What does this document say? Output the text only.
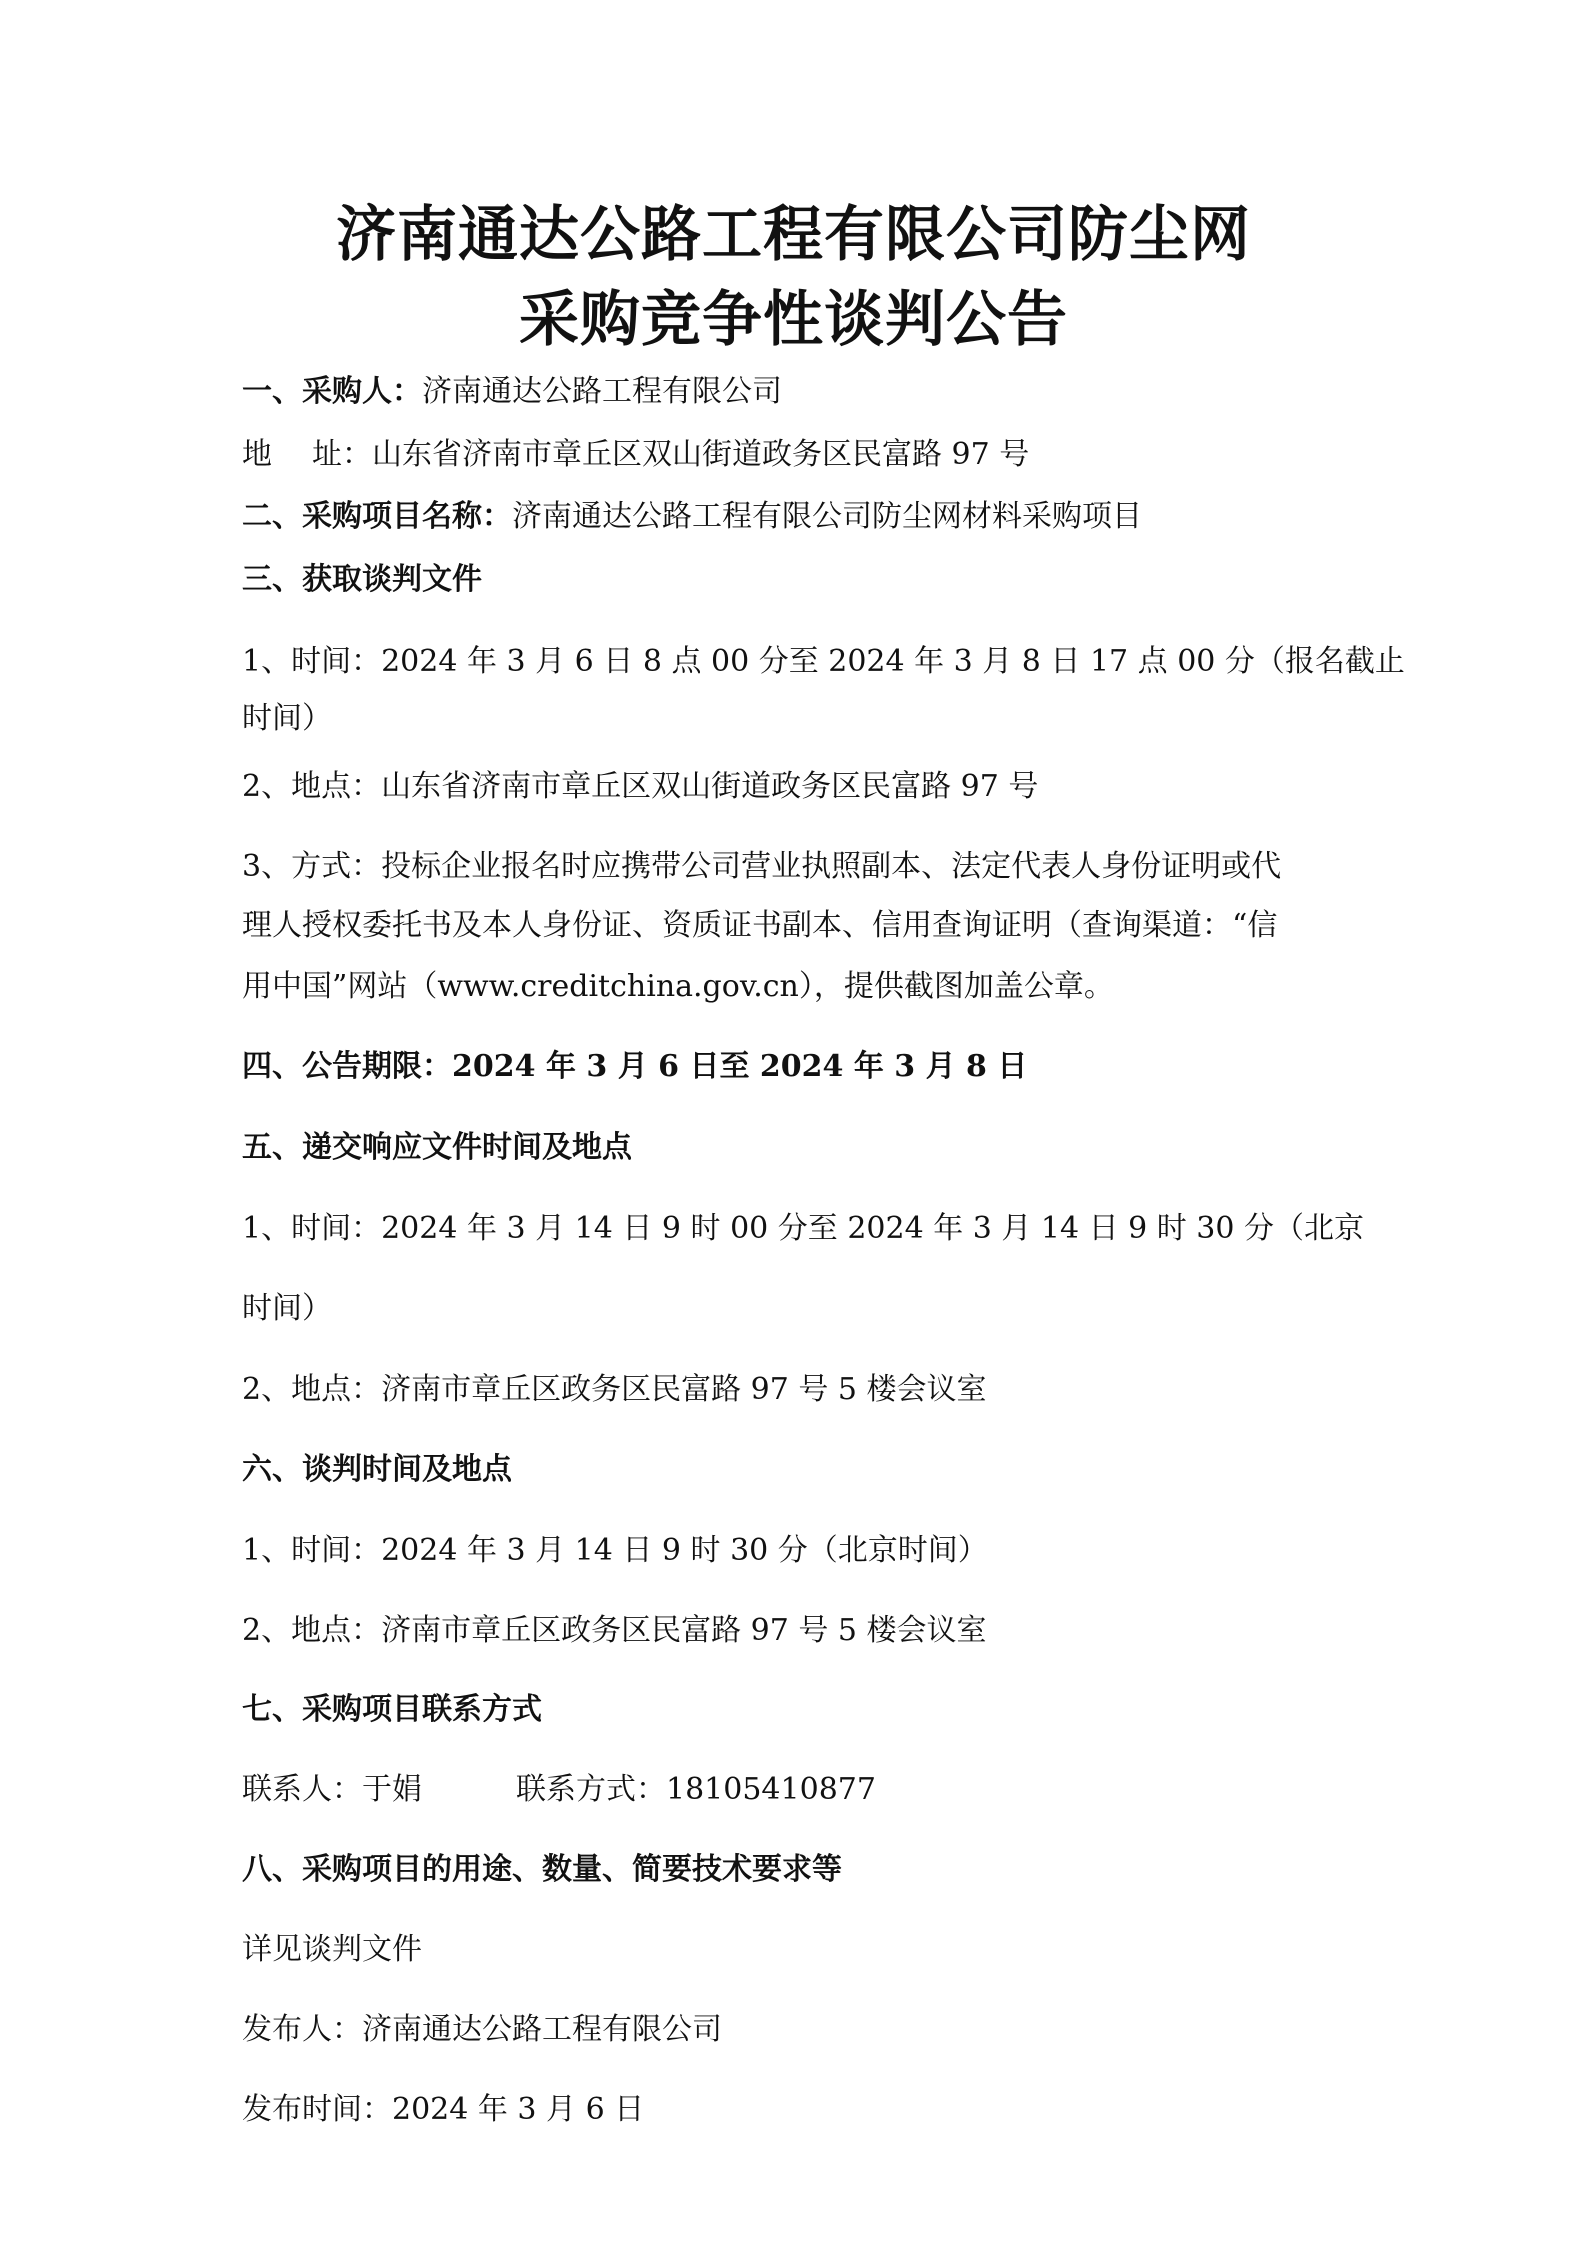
济南通达公路工程有限公司防尘网
采购竞争性谈判公告
一、采购人：济南通达公路工程有限公司
地 址：山东省济南市章丘区双山街道政务区民富路 97 号
二、采购项目名称：济南通达公路工程有限公司防尘网材料采购项目
三、获取谈判文件
1、时间：2024 年 3 月 6 日 8 点 00 分至 2024 年 3 月 8 日 17 点 00 分（报名截止
时间）
2、地点：山东省济南市章丘区双山街道政务区民富路 97 号
3、方式：投标企业报名时应携带公司营业执照副本、法定代表人身份证明或代
理人授权委托书及本人身份证、资质证书副本、信用查询证明（查询渠道：“信
用中国”网站（www.creditchina.gov.cn），提供截图加盖公章。
四、公告期限：2024 年 3 月 6 日至 2024 年 3 月 8 日
五、递交响应文件时间及地点
1、时间：2024 年 3 月 14 日 9 时 00 分至 2024 年 3 月 14 日 9 时 30 分（北京
时间）
2、地点：济南市章丘区政务区民富路 97 号 5 楼会议室
六、谈判时间及地点
1、时间：2024 年 3 月 14 日 9 时 30 分（北京时间）
2、地点：济南市章丘区政务区民富路 97 号 5 楼会议室
七、采购项目联系方式
联系人：于娟	联系方式：18105410877
八、采购项目的用途、数量、简要技术要求等
详见谈判文件
发布人：济南通达公路工程有限公司
发布时间：2024 年 3 月 6 日
